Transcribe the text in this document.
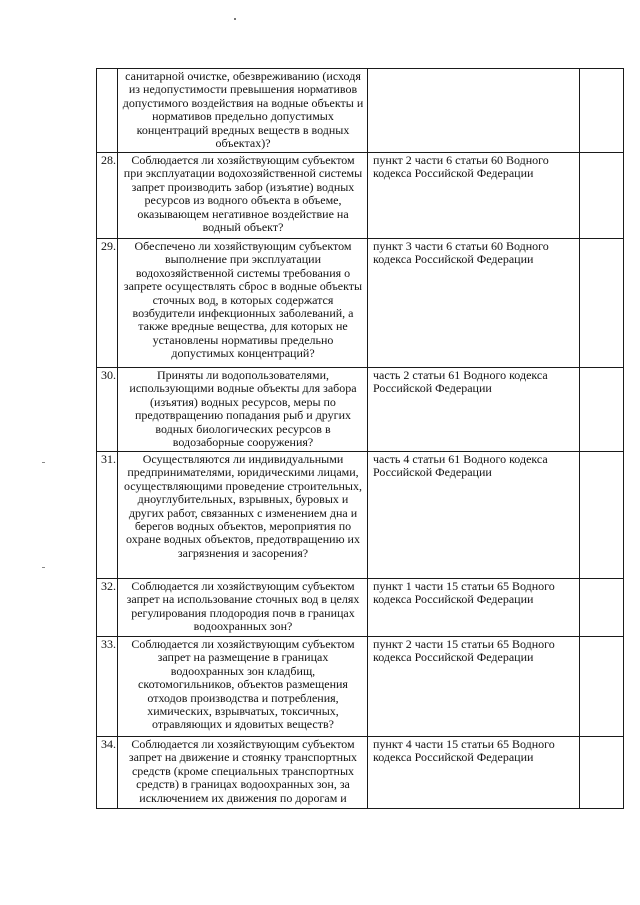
	санитарной очистке, обезвреживанию (исходя из недопустимости превышения нормативов допустимого воздействия на водные объекты и нормативов предельно допустимых концентраций вредных веществ в водных объектах)?		
28.	Соблюдается ли хозяйствующим субъектом при эксплуатации водохозяйственной системы запрет производить забор (изъятие) водных ресурсов из водного объекта в объеме, оказывающем негативное воздействие на водный объект?	пункт 2 части 6 статьи 60 Водного кодекса Российской Федерации	
29.	Обеспечено ли хозяйствующим субъектом выполнение при эксплуатации водохозяйственной системы требования о запрете осуществлять сброс в водные объекты сточных вод, в которых содержатся возбудители инфекционных заболеваний, а также вредные вещества, для которых не установлены нормативы предельно допустимых концентраций?	пункт 3 части 6 статьи 60 Водного кодекса Российской Федерации	
30.	Приняты ли водопользователями, использующими водные объекты для забора (изъятия) водных ресурсов, меры по предотвращению попадания рыб и других водных биологических ресурсов в водозаборные сооружения?	часть 2 статьи 61 Водного кодекса Российской Федерации	
31.	Осуществляются ли индивидуальными предпринимателями, юридическими лицами, осуществляющими проведение строительных, дноуглубительных, взрывных, буровых и других работ, связанных с изменением дна и берегов водных объектов, мероприятия по охране водных объектов, предотвращению их загрязнения и засорения?	часть 4 статьи 61 Водного кодекса Российской Федерации	
32.	Соблюдается ли хозяйствующим субъектом запрет на использование сточных вод в целях регулирования плодородия почв в границах водоохранных зон?	пункт 1 части 15 статьи 65 Водного кодекса Российской Федерации	
33.	Соблюдается ли хозяйствующим субъектом запрет на размещение в границах водоохранных зон кладбищ, скотомогильников, объектов размещения отходов производства и потребления, химических, взрывчатых, токсичных, отравляющих и ядовитых веществ?	пункт 2 части 15 статьи 65 Водного кодекса Российской Федерации	
34.	Соблюдается ли хозяйствующим субъектом запрет на движение и стоянку транспортных средств (кроме специальных транспортных средств) в границах водоохранных зон, за исключением их движения по дорогам и	пункт 4 части 15 статьи 65 Водного кодекса Российской Федерации	
